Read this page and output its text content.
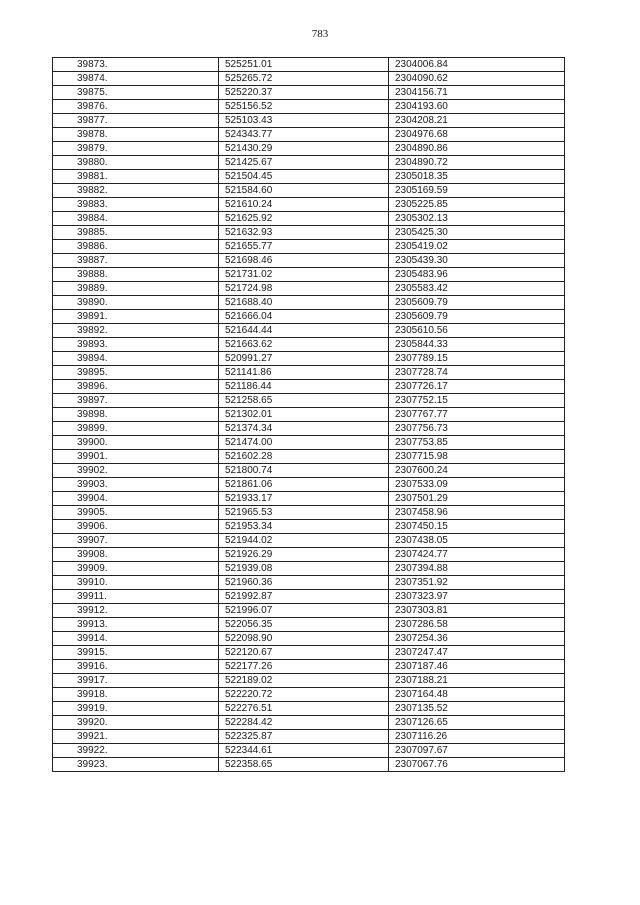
783
39873.	525251.01	2304006.84
39874.	525265.72	2304090.62
39875.	525220.37	2304156.71
39876.	525156.52	2304193.60
39877.	525103.43	2304208.21
39878.	524343.77	2304976.68
39879.	521430.29	2304890.86
39880.	521425.67	2304890.72
39881.	521504.45	2305018.35
39882.	521584.60	2305169.59
39883.	521610.24	2305225.85
39884.	521625.92	2305302.13
39885.	521632.93	2305425.30
39886.	521655.77	2305419.02
39887.	521698.46	2305439.30
39888.	521731.02	2305483.96
39889.	521724.98	2305583.42
39890.	521688.40	2305609.79
39891.	521666.04	2305609.79
39892.	521644.44	2305610.56
39893.	521663.62	2305844.33
39894.	520991.27	2307789.15
39895.	521141.86	2307728.74
39896.	521186.44	2307726.17
39897.	521258.65	2307752.15
39898.	521302.01	2307767.77
39899.	521374.34	2307756.73
39900.	521474.00	2307753.85
39901.	521602.28	2307715.98
39902.	521800.74	2307600.24
39903.	521861.06	2307533.09
39904.	521933.17	2307501.29
39905.	521965.53	2307458.96
39906.	521953.34	2307450.15
39907.	521944.02	2307438.05
39908.	521926.29	2307424.77
39909.	521939.08	2307394.88
39910.	521960.36	2307351.92
39911.	521992.87	2307323.97
39912.	521996.07	2307303.81
39913.	522056.35	2307286.58
39914.	522098.90	2307254.36
39915.	522120.67	2307247.47
39916.	522177.26	2307187.46
39917.	522189.02	2307188.21
39918.	522220.72	2307164.48
39919.	522276.51	2307135.52
39920.	522284.42	2307126.65
39921.	522325.87	2307116.26
39922.	522344.61	2307097.67
39923.	522358.65	2307067.76
